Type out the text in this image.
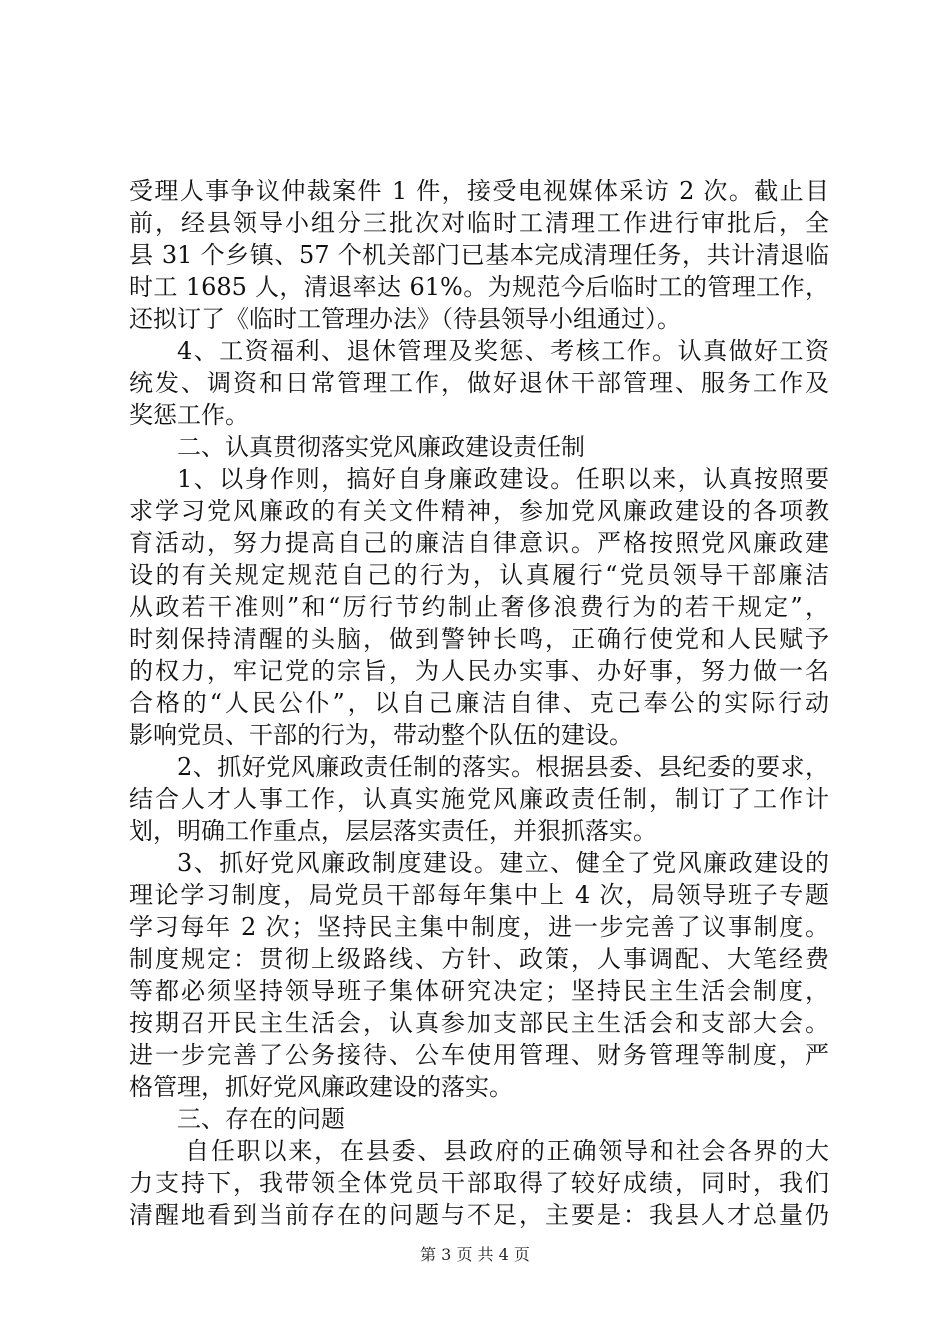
受理人事争议仲裁案件 1 件，接受电视媒体采访 2 次。截止目
前，经县领导小组分三批次对临时工清理工作进行审批后，全
县 31 个乡镇、57 个机关部门已基本完成清理任务，共计清退临
时工 1685 人，清退率达 61%。为规范今后临时工的管理工作，
还拟订了《临时工管理办法》（待县领导小组通过）。
4、工资福利、退休管理及奖惩、考核工作。认真做好工资
统发、调资和日常管理工作，做好退休干部管理、服务工作及
奖惩工作。
二、认真贯彻落实党风廉政建设责任制
1、以身作则，搞好自身廉政建设。任职以来，认真按照要
求学习党风廉政的有关文件精神，参加党风廉政建设的各项教
育活动，努力提高自己的廉洁自律意识。严格按照党风廉政建
设的有关规定规范自己的行为，认真履行“党员领导干部廉洁
从政若干准则”和“厉行节约制止奢侈浪费行为的若干规定”，
时刻保持清醒的头脑，做到警钟长鸣，正确行使党和人民赋予
的权力，牢记党的宗旨，为人民办实事、办好事，努力做一名
合格的“人民公仆”，以自己廉洁自律、克己奉公的实际行动
影响党员、干部的行为，带动整个队伍的建设。
2、抓好党风廉政责任制的落实。根据县委、县纪委的要求，
结合人才人事工作，认真实施党风廉政责任制，制订了工作计
划，明确工作重点，层层落实责任，并狠抓落实。
3、抓好党风廉政制度建设。建立、健全了党风廉政建设的
理论学习制度，局党员干部每年集中上 4 次，局领导班子专题
学习每年 2 次；坚持民主集中制度，进一步完善了议事制度。
制度规定：贯彻上级路线、方针、政策，人事调配、大笔经费
等都必须坚持领导班子集体研究决定；坚持民主生活会制度，
按期召开民主生活会，认真参加支部民主生活会和支部大会。
进一步完善了公务接待、公车使用管理、财务管理等制度，严
格管理，抓好党风廉政建设的落实。
三、存在的问题
自任职以来，在县委、县政府的正确领导和社会各界的大
力支持下，我带领全体党员干部取得了较好成绩，同时，我们
清醒地看到当前存在的问题与不足，主要是：我县人才总量仍
第 3 页 共 4 页
